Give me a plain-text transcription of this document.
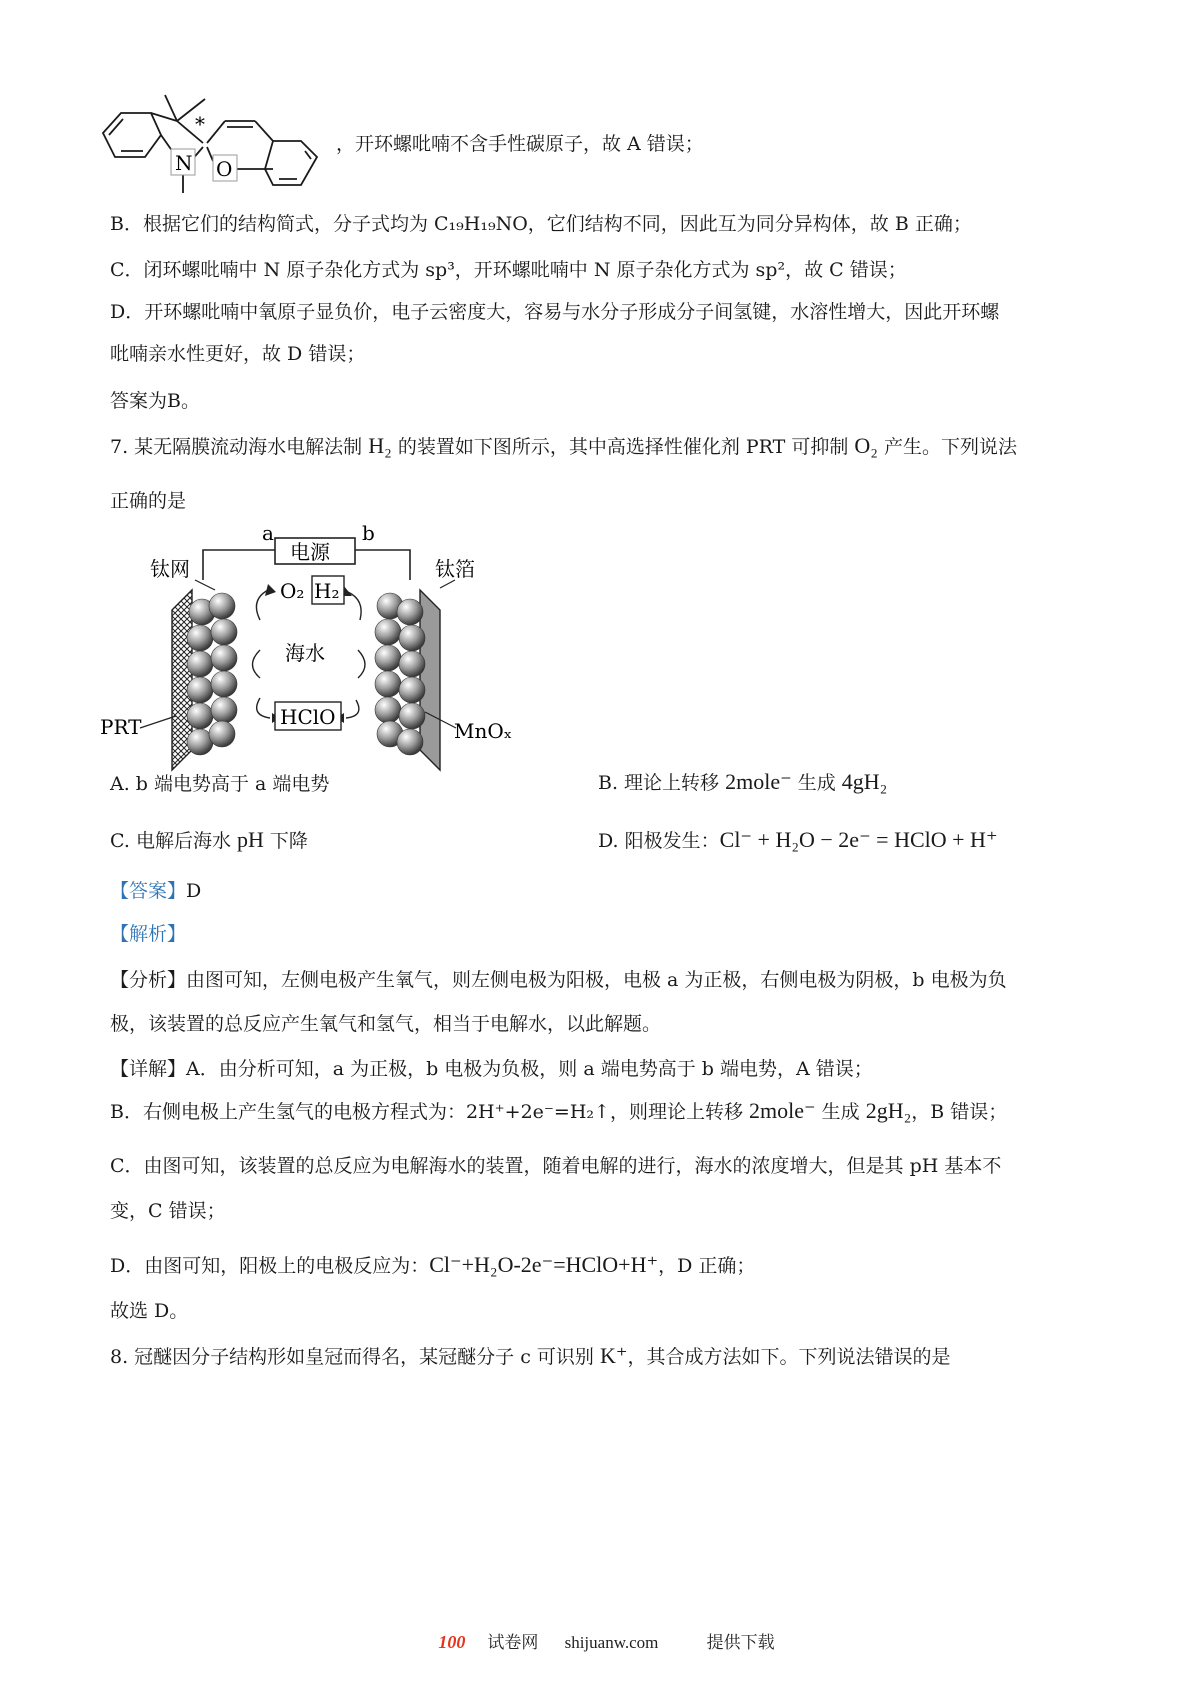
*
N O
，开环螺吡喃不含手性碳原子，故 A 错误；
B．根据它们的结构简式，分子式均为 C₁₉H₁₉NO，它们结构不同，因此互为同分异构体，故 B 正确；
C．闭环螺吡喃中 N 原子杂化方式为 sp³，开环螺吡喃中 N 原子杂化方式为 sp²，故 C 错误；
D．开环螺吡喃中氧原子显负价，电子云密度大，容易与水分子形成分子间氢键，水溶性增大，因此开环螺
吡喃亲水性更好，故 D 错误；
答案为B。
7. 某无隔膜流动海水电解法制 H₂ 的装置如下图所示，其中高选择性催化剂 PRT 可抑制 O₂ 产生。下列说法
正确的是
电源
a	b
钛网	钛箔
O₂ H₂
海水
HClO
PRT	MnOₓ
A. b 端电势高于 a 端电势	B. 理论上转移 2mole⁻ 生成 4gH₂
C. 电解后海水 pH 下降	D. 阳极发生：Cl⁻ + H₂O − 2e⁻ = HClO + H⁺
【答案】D
【解析】
【分析】由图可知，左侧电极产生氧气，则左侧电极为阳极，电极 a 为正极，右侧电极为阴极，b 电极为负
极，该装置的总反应产生氧气和氢气，相当于电解水，以此解题。
【详解】A．由分析可知，a 为正极，b 电极为负极，则 a 端电势高于 b 端电势，A 错误；
B．右侧电极上产生氢气的电极方程式为：2H⁺+2e⁻=H₂↑，则理论上转移 2mole⁻ 生成 2gH₂，B 错误；
C．由图可知，该装置的总反应为电解海水的装置，随着电解的进行，海水的浓度增大，但是其 pH 基本不
变，C 错误；
D．由图可知，阳极上的电极反应为：Cl⁻+H₂O-2e⁻=HClO+H⁺，D 正确；
故选 D。
8. 冠醚因分子结构形如皇冠而得名，某冠醚分子 c 可识别 K⁺，其合成方法如下。下列说法错误的是
100 试卷网 shijuanw.com	提供下载
